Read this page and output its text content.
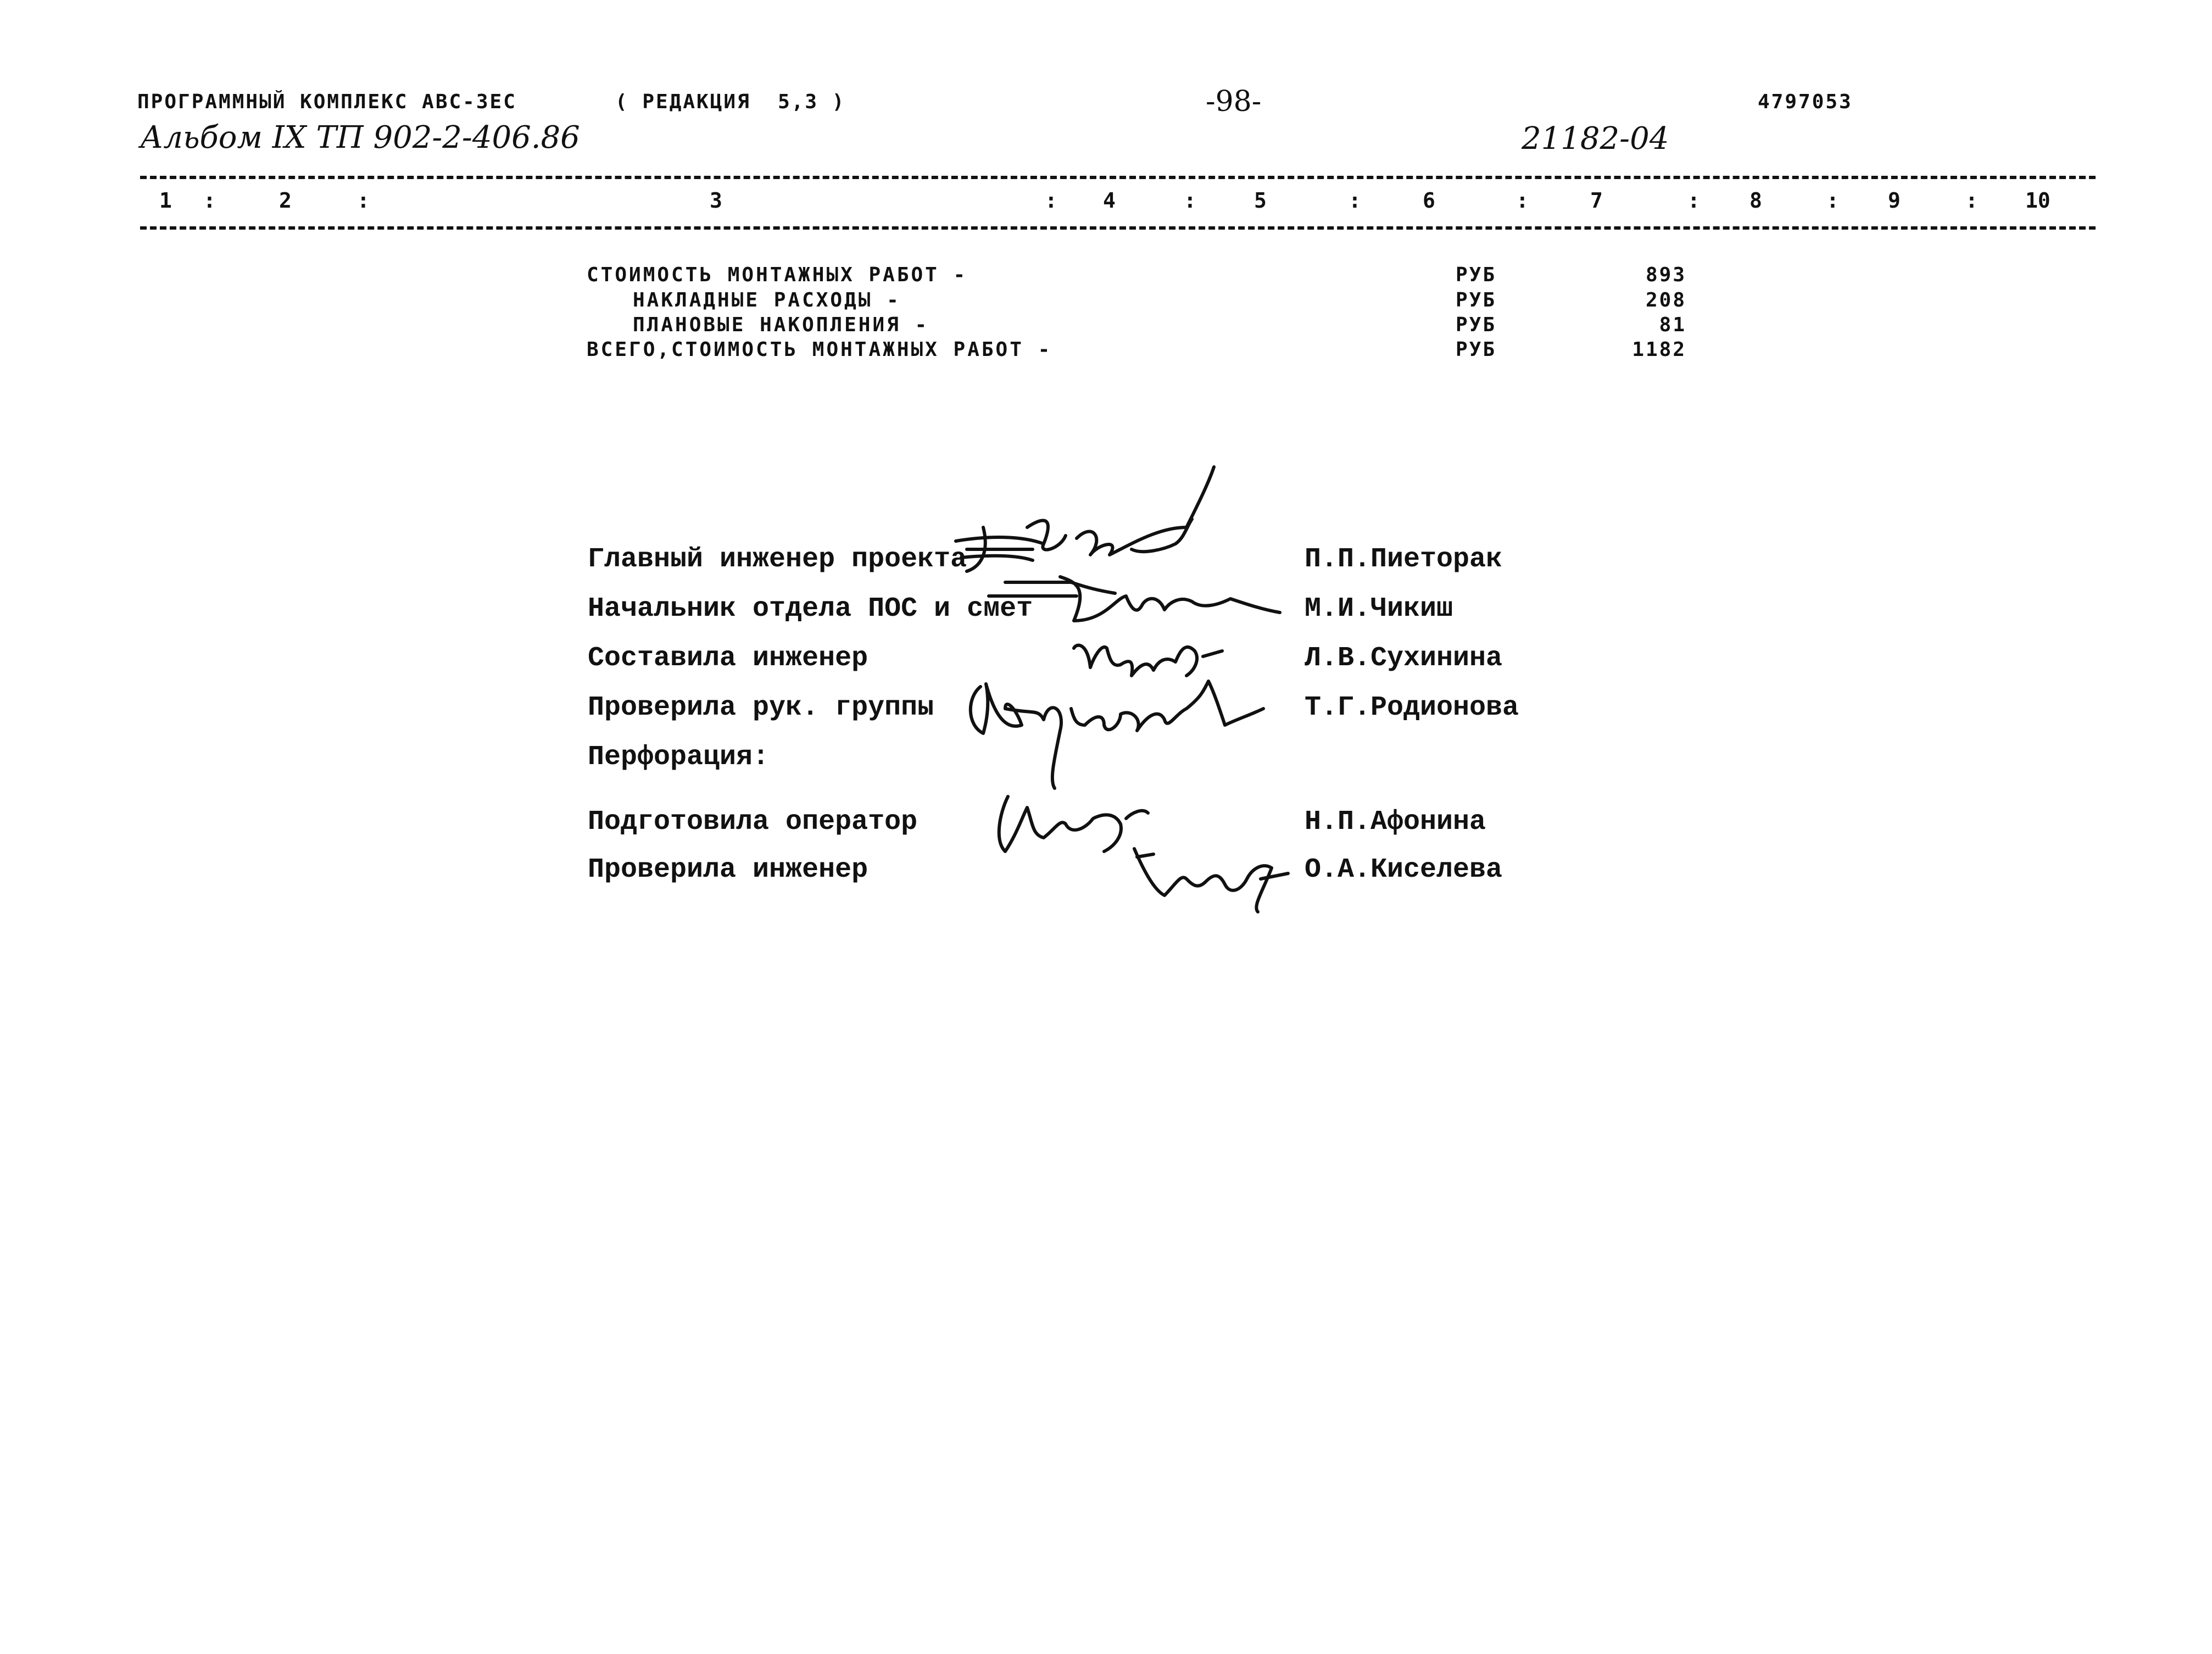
ПРОГРАММНЫЙ КОМПЛЕКС АВС-3ЕС	( РЕДАКЦИЯ  5,3 )	-98-	4797053
Альбом IX ТП 902-2-406.86	21182-04
1 :	2	:	3	: 4	:	5	:	6	:	7	: 8	: 9	: 10
СТОИМОСТЬ МОНТАЖНЫХ РАБОТ -	РУБ	893
НАКЛАДНЫЕ РАСХОДЫ -	РУБ	208
ПЛАНОВЫЕ НАКОПЛЕНИЯ -	РУБ	81
ВСЕГО,СТОИМОСТЬ МОНТАЖНЫХ РАБОТ -	РУБ	1182
Главный инженер проекта	П.П.Пиеторак
Начальник отдела ПОС и смет	М.И.Чикиш
Составила инженер	Л.В.Сухинина
Проверила рук. группы	Т.Г.Родионова
Перфорация:
Подготовила оператор	Н.П.Афонина
Проверила инженер	О.А.Киселева
